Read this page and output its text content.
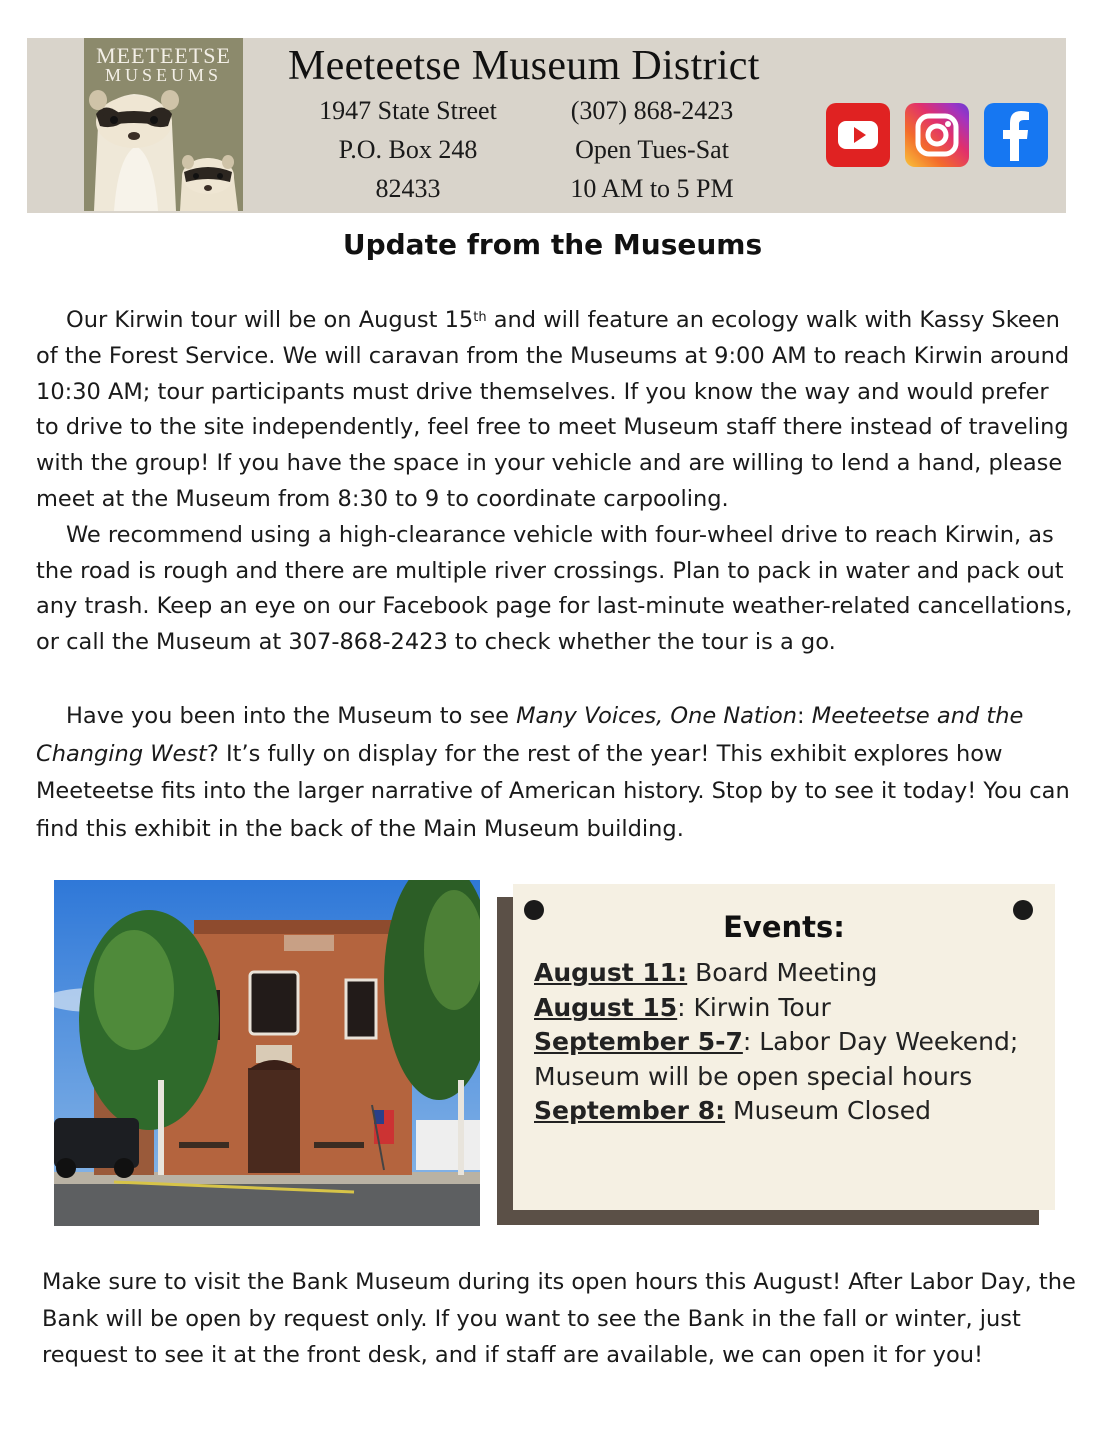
MEETEETSE
MUSEUMS	Meeteetse Museum District
1947 State Street
P.O. Box 248
82433
(307) 868-2423
Open Tues-Sat
10 AM to 5 PM
Update from the Museums

Our Kirwin tour will be on August 15th and will feature an ecology walk with Kassy Skeen of the Forest Service. We will caravan from the Museums at 9:00 AM to reach Kirwin around 10:30 AM; tour participants must drive themselves. If you know the way and would prefer to drive to the site independently, feel free to meet Museum staff there instead of traveling with the group! If you have the space in your vehicle and are willing to lend a hand, please meet at the Museum from 8:30 to 9 to coordinate carpooling.

We recommend using a high-clearance vehicle with four-wheel drive to reach Kirwin, as the road is rough and there are multiple river crossings. Plan to pack in water and pack out any trash. Keep an eye on our Facebook page for last-minute weather-related cancellations, or call the Museum at 307-868-2423 to check whether the tour is a go.

Have you been into the Museum to see Many Voices, One Nation: Meeteetse and the Changing West? It’s fully on display for the rest of the year! This exhibit explores how Meeteetse fits into the larger narrative of American history. Stop by to see it today! You can find this exhibit in the back of the Main Museum building.

Events:
August 11: Board Meeting
August 15: Kirwin Tour
September 5-7: Labor Day Weekend; Museum will be open special hours
September 8: Museum Closed

Make sure to visit the Bank Museum during its open hours this August! After Labor Day, the Bank will be open by request only. If you want to see the Bank in the fall or winter, just request to see it at the front desk, and if staff are available, we can open it for you!
